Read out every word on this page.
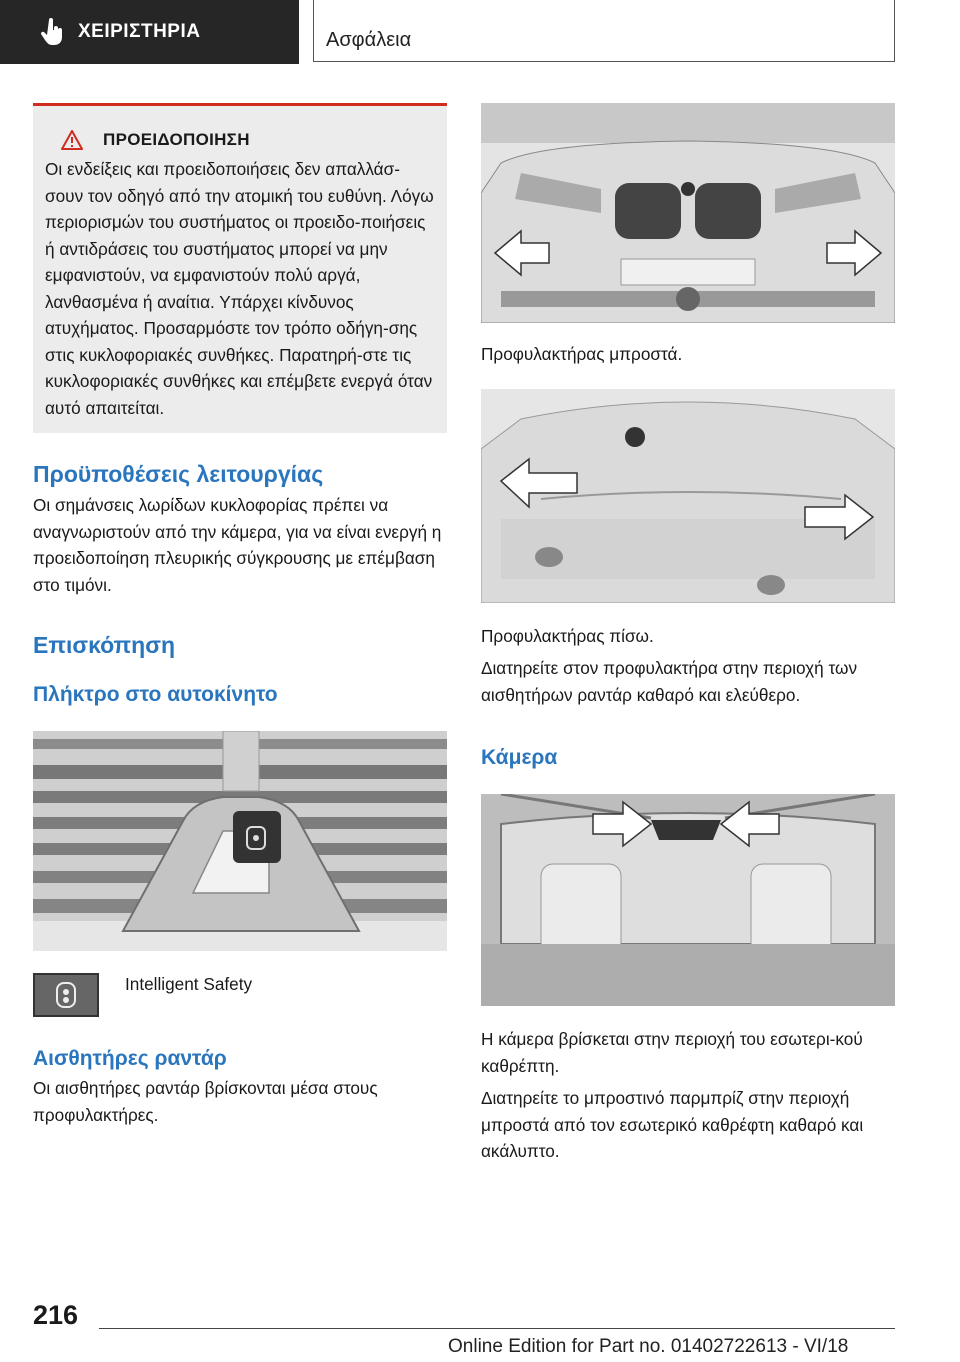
ΧΕΙΡΙΣΤΗΡΙΑ	Ασφάλεια
ΠΡΟΕΙΔΟΠΟΙΗΣΗ

Οι ενδείξεις και προειδοποιήσεις δεν απαλλάσ-σουν τον οδηγό από την ατομική του ευθύνη. Λόγω περιορισμών του συστήματος οι προειδο-ποιήσεις ή αντιδράσεις του συστήματος μπορεί να μην εμφανιστούν, να εμφανιστούν πολύ αργά, λανθασμένα ή αναίτια. Υπάρχει κίνδυνος ατυχήματος. Προσαρμόστε τον τρόπο οδήγη-σης στις κυκλοφοριακές συνθήκες. Παρατηρή-στε τις κυκλοφοριακές συνθήκες και επέμβετε ενεργά όταν αυτό απαιτείται.

Προϋποθέσεις λειτουργίας

Οι σημάνσεις λωρίδων κυκλοφορίας πρέπει να αναγνωριστούν από την κάμερα, για να είναι ενεργή η προειδοποίηση πλευρικής σύγκρουσης με επέμβαση στο τιμόνι.

Επισκόπηση
Πλήκτρο στο αυτοκίνητο

Intelligent Safety

Αισθητήρες ραντάρ

Οι αισθητήρες ραντάρ βρίσκονται μέσα στους προφυλακτήρες.

Προφυλακτήρας μπροστά.

Προφυλακτήρας πίσω.

Διατηρείτε στον προφυλακτήρα στην περιοχή των αισθητήρων ραντάρ καθαρό και ελεύθερο.

Κάμερα

Η κάμερα βρίσκεται στην περιοχή του εσωτερι-κού καθρέπτη.

Διατηρείτε το μπροστινό παρμπρίζ στην περιοχή μπροστά από τον εσωτερικό καθρέφτη καθαρό και ακάλυπτο.

216
Online Edition for Part no. 01402722613 - VI/18
